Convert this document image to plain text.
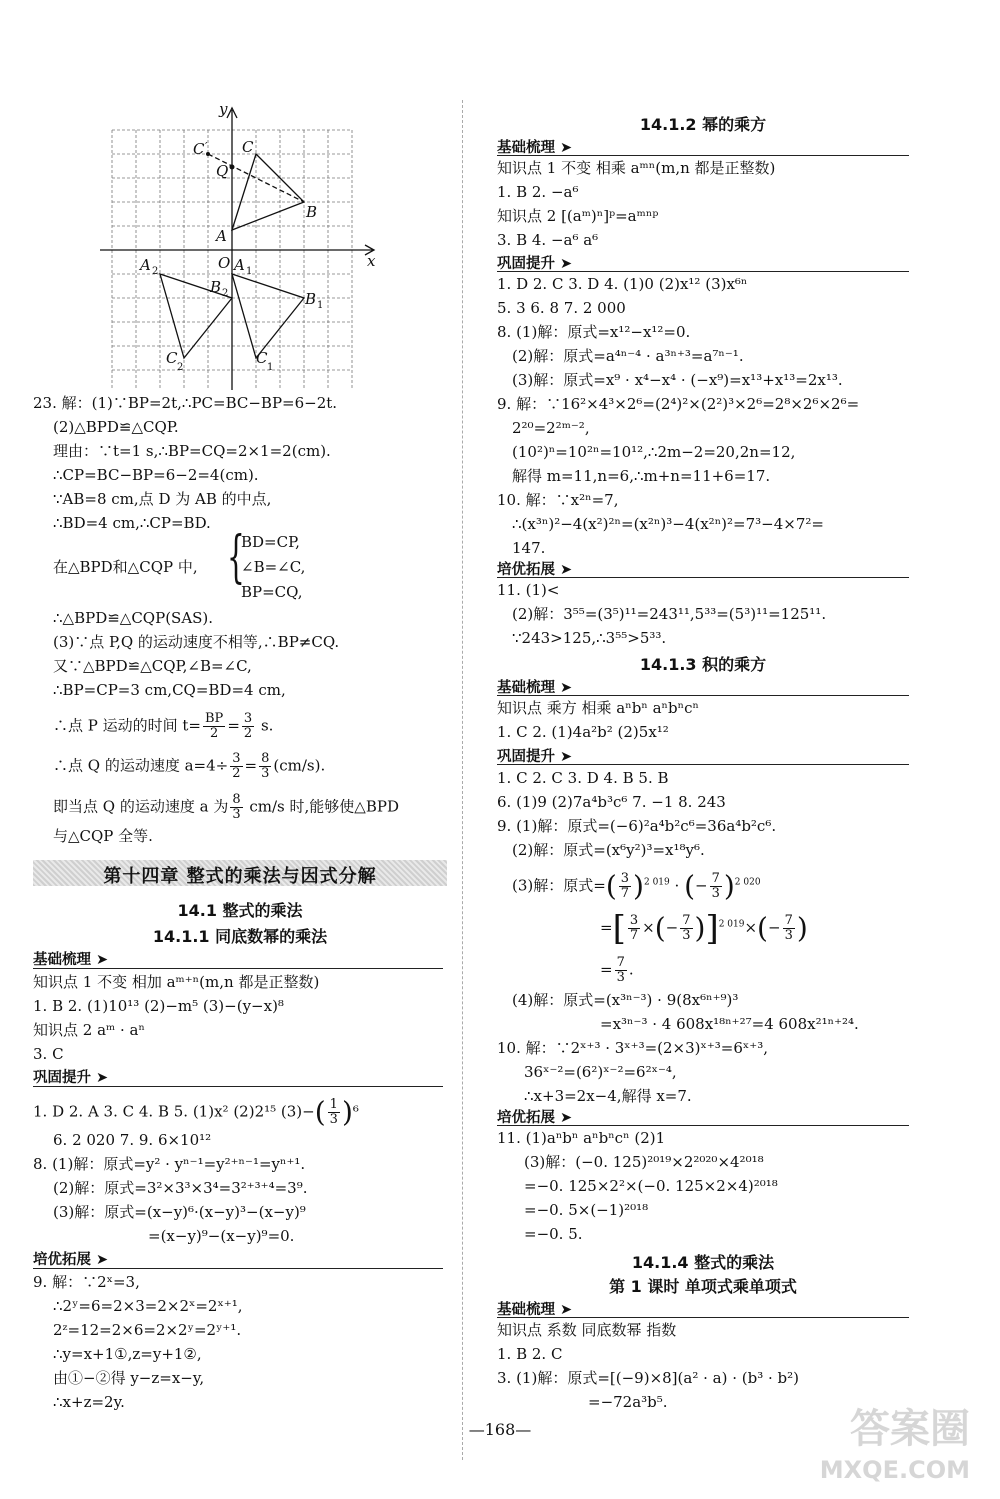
y
x
O
C ′
Q
C
B
A
A 2	A 1
B 2	B 1
C
2
C
1
23. 解：(1)∵BP=2t,∴PC=BC−BP=6−2t.
(2)△BPD≌△CQP.
理由：∵t=1 s,∴BP=CQ=2×1=2(cm).
∴CP=BC−BP=6−2=4(cm).
∵AB=8 cm,点 D 为 AB 的中点,
∴BD=4 cm,∴CP=BD.
在△BPD和△CQP 中, {
BD=CP,
∠B=∠C,
BP=CQ,
∴△BPD≌△CQP(SAS).
(3)∵点 P,Q 的运动速度不相等,∴BP≠CQ.
又∵△BPD≌△CQP,∠B=∠C,
∴BP=CP=3 cm,CQ=BD=4 cm,
∴点 P 运动的时间 $t= \frac{BP}{2} = \frac{3}{2} s$.
∴点 Q 的运动速度 $a=4\div \frac{3}{2} = \frac{8}{3} (cm/s)$.
即当点 Q 的运动速度 a 为 $\frac{8}{3} cm/s$ 时,能够使△BPD
与△CQP 全等.
第十四章 整式的乘法与因式分解
14.1 整式的乘法
14.1.1 同底数幂的乘法
基础梳理 ➤
知识点 1 不变 相加 aᵐ⁺ⁿ(m,n 都是正整数)
1. B 2. (1)10¹³ (2)−m⁵ (3)−(y−x)⁸
知识点 2 aᵐ · aⁿ
3. C
巩固提升 ➤
1. D 2. A 3. C 4. B 5. (1)x² (2)2¹⁵ $(3)-( \frac{1}{3} )^6$
6. 2 020 7. 9. 6×10¹²
8. (1)解：原式=y² · yⁿ⁻¹=y²⁺ⁿ⁻¹=yⁿ⁺¹.
(2)解：原式=3²×3³×3⁴=3²⁺³⁺⁴=3⁹.
(3)解：原式=(x−y)⁶·(x−y)³−(x−y)⁹
=(x−y)⁹−(x−y)⁹=0.
培优拓展 ➤
9. 解：∵2ˣ=3,
∴2ʸ=6=2×3=2×2ˣ=2ˣ⁺¹,
2ᶻ=12=2×6=2×2ʸ=2ʸ⁺¹.
∴y=x+1①,z=y+1②,
由①−②得 y−z=x−y,
∴x+z=2y.
14.1.2 幂的乘方
基础梳理 ➤
知识点 1 不变 相乘 aᵐⁿ(m,n 都是正整数)
1. B 2. −a⁶
知识点 2 [(aᵐ)ⁿ]ᵖ=aᵐⁿᵖ
3. B 4. −a⁶ a⁶
巩固提升 ➤
1. D 2. C 3. D 4. (1)0 (2)x¹² (3)x⁶ⁿ
5. 3 6. 8 7. 2 000
8. (1)解：原式=x¹²−x¹²=0.
(2)解：原式=a⁴ⁿ⁻⁴ · a³ⁿ⁺³=a⁷ⁿ⁻¹.
(3)解：原式=x⁹ · x⁴−x⁴ · (−x⁹)=x¹³+x¹³=2x¹³.
9. 解：∵16²×4³×2⁶=(2⁴)²×(2²)³×2⁶=2⁸×2⁶×2⁶=
2²⁰=2²ᵐ⁻²,
(10²)ⁿ=10²ⁿ=10¹²,∴2m−2=20,2n=12,
解得 m=11,n=6,∴m+n=11+6=17.
10. 解：∵x²ⁿ=7,
∴(x³ⁿ)²−4(x²)²ⁿ=(x²ⁿ)³−4(x²ⁿ)²=7³−4×7²=
147.
培优拓展 ➤
11. (1)<
(2)解：3⁵⁵=(3⁵)¹¹=243¹¹,5³³=(5³)¹¹=125¹¹.
∵243>125,∴3⁵⁵>5³³.
14.1.3 积的乘方
基础梳理 ➤
知识点 乘方 相乘 aⁿbⁿ aⁿbⁿcⁿ
1. C 2. (1)4a²b² (2)5x¹²
巩固提升 ➤
1. C 2. C 3. D 4. B 5. B
6. (1)9 (2)7a⁴b³c⁶ 7. −1 8. 243
9. (1)解：原式=(−6)²a⁴b²c⁶=36a⁴b²c⁶.
(2)解：原式=(x⁶y²)³=x¹⁸y⁶.
(3)解：原式=( $\frac{3}{7} )^{2 019}$ · (− $\frac{7}{3} )^{2 020}$
=[ $\frac{3}{7}$ ×(− $\frac{7}{3} )]^{2 019}\times(- \frac{7}{3}$ )
= $\frac{7}{3}$ .
(4)解：原式=(x³ⁿ⁻³) · 9(8x⁶ⁿ⁺⁹)³
=x³ⁿ⁻³ · 4 608x¹⁸ⁿ⁺²⁷=4 608x²¹ⁿ⁺²⁴.
10. 解：∵2ˣ⁺³ · 3ˣ⁺³=(2×3)ˣ⁺³=6ˣ⁺³,
36ˣ⁻²=(6²)ˣ⁻²=6²ˣ⁻⁴,
∴x+3=2x−4,解得 x=7.
培优拓展 ➤
11. (1)aⁿbⁿ aⁿbⁿcⁿ (2)1
(3)解：(−0. 125)²⁰¹⁹×2²⁰²⁰×4²⁰¹⁸
=−0. 125×2²×(−0. 125×2×4)²⁰¹⁸
=−0. 5×(−1)²⁰¹⁸
=−0. 5.
14.1.4 整式的乘法
第 1 课时 单项式乘单项式
基础梳理 ➤
知识点 系数 同底数幂 指数
1. B 2. C
3. (1)解：原式=[(−9)×8](a² · a) · (b³ · b²)
=−72a³b⁵.
—168—	答案圈
MXQE.COM
